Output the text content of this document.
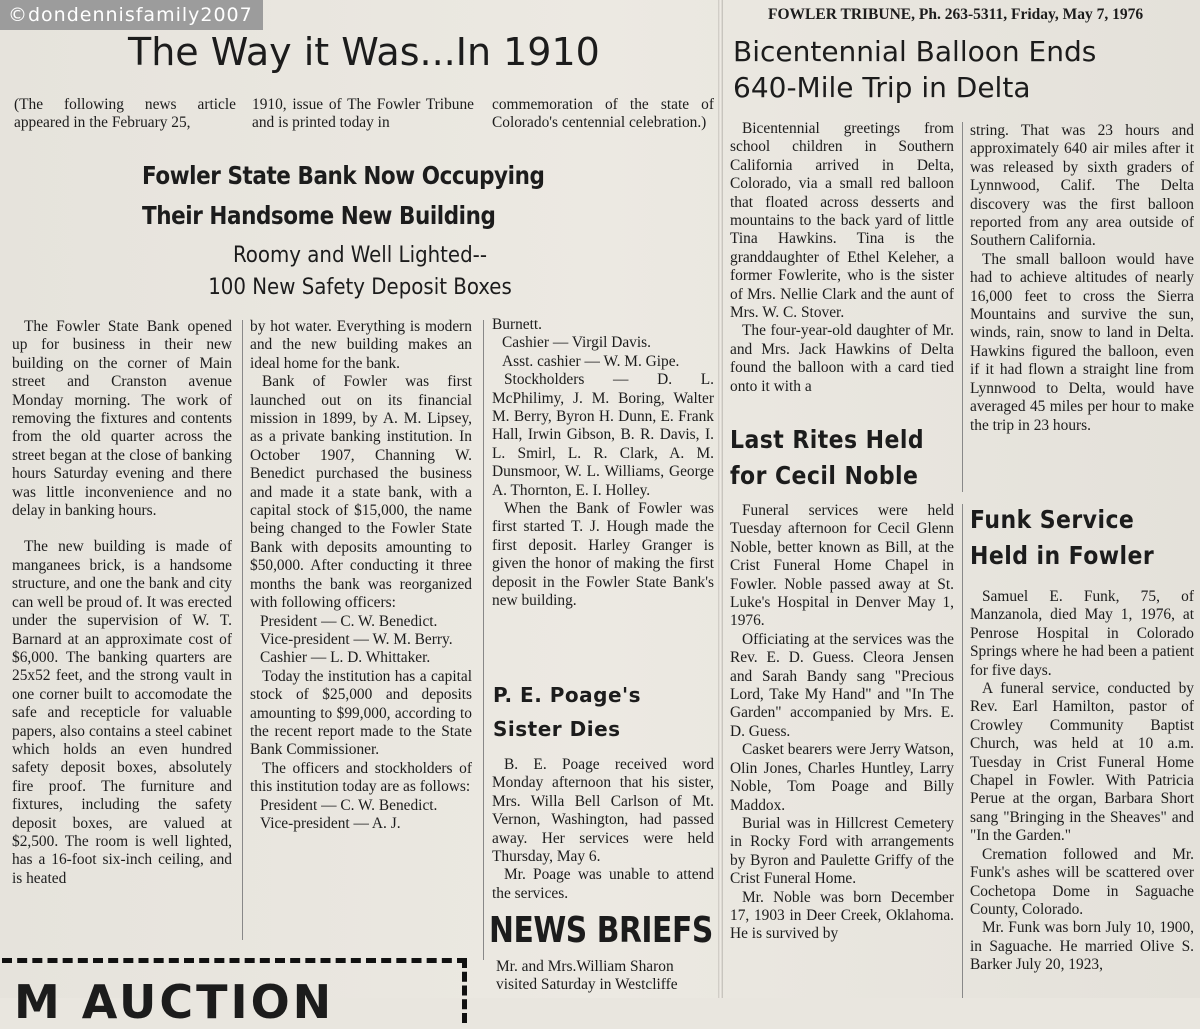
©dondennisfamily2007	FOWLER TRIBUNE, Ph. 263-5311, Friday, May 7, 1976
The Way it Was...In 1910
(The following news article appeared in the February 25,
1910, issue of The Fowler Tribune and is printed today in
commemoration of the state of Colorado's centennial celebration.)
Fowler State Bank Now Occupying
Their Handsome New Building
Roomy and Well Lighted--
100 New Safety Deposit Boxes

The Fowler State Bank opened up for business in their new building on the corner of Main street and Cranston avenue Monday morning. The work of removing the fixtures and contents from the old quarter across the street began at the close of banking hours Saturday evening and there was little inconvenience and no delay in banking hours.

The new building is made of manganees brick, is a handsome structure, and one the bank and city can well be proud of. It was erected under the supervision of W. T. Barnard at an approximate cost of $6,000. The banking quarters are 25x52 feet, and the strong vault in one corner built to accomodate the safe and recepticle for valuable papers, also contains a steel cabinet which holds an even hundred safety deposit boxes, absolutely fire proof. The furniture and fixtures, including the safety deposit boxes, are valued at $2,500. The room is well lighted, has a 16-foot six-inch ceiling, and is heated

by hot water. Everything is modern and the new building makes an ideal home for the bank.

Bank of Fowler was first launched out on its financial mission in 1899, by A. M. Lipsey, as a private banking institution. In October 1907, Channing W. Benedict purchased the business and made it a state bank, with a capital stock of $15,000, the name being changed to the Fowler State Bank with deposits amounting to $50,000. After conducting it three months the bank was reorganized with following officers:

President — C. W. Benedict.
Vice-president — W. M. Berry.
Cashier — L. D. Whittaker.

Today the institution has a capital stock of $25,000 and deposits amounting to $99,000, according to the recent report made to the State Bank Commissioner.

The officers and stockholders of this institution today are as follows:

President — C. W. Benedict.
Vice-president — A. J.
Burnett.
Cashier — Virgil Davis.
Asst. cashier — W. M. Gipe.

Stockholders — D. L. McPhilimy, J. M. Boring, Walter M. Berry, Byron H. Dunn, E. Frank Hall, Irwin Gibson, B. R. Davis, I. L. Smirl, L. R. Clark, A. M. Dunsmoor, W. L. Williams, George A. Thornton, E. I. Holley.

When the Bank of Fowler was first started T. J. Hough made the first deposit. Harley Granger is given the honor of making the first deposit in the Fowler State Bank's new building.

P. E. Poage's
Sister Dies

B. E. Poage received word Monday afternoon that his sister, Mrs. Willa Bell Carlson of Mt. Vernon, Washington, had passed away. Her services were held Thursday, May 6.

Mr. Poage was unable to attend the services.

NEWS BRIEFS
Mr. and Mrs.William Sharon visited Saturday in Westcliffe
M AUCTION
Bicentennial Balloon Ends
640-Mile Trip in Delta

Bicentennial greetings from school children in Southern California arrived in Delta, Colorado, via a small red balloon that floated across desserts and mountains to the back yard of little Tina Hawkins. Tina is the granddaughter of Ethel Keleher, a former Fowlerite, who is the sister of Mrs. Nellie Clark and the aunt of Mrs. W. C. Stover.

The four-year-old daughter of Mr. and Mrs. Jack Hawkins of Delta found the balloon with a card tied onto it with a

string. That was 23 hours and approximately 640 air miles after it was released by sixth graders of Lynnwood, Calif. The Delta discovery was the first balloon reported from any area outside of Southern California.

The small balloon would have had to achieve altitudes of nearly 16,000 feet to cross the Sierra Mountains and survive the sun, winds, rain, snow to land in Delta. Hawkins figured the balloon, even if it had flown a straight line from Lynnwood to Delta, would have averaged 45 miles per hour to make the trip in 23 hours.

Last Rites Held
for Cecil Noble

Funeral services were held Tuesday afternoon for Cecil Glenn Noble, better known as Bill, at the Crist Funeral Home Chapel in Fowler. Noble passed away at St. Luke's Hospital in Denver May 1, 1976.

Officiating at the services was the Rev. E. D. Guess. Cleora Jensen and Sarah Bandy sang "Precious Lord, Take My Hand" and "In The Garden" accompanied by Mrs. E. D. Guess.

Casket bearers were Jerry Watson, Olin Jones, Charles Huntley, Larry Noble, Tom Poage and Billy Maddox.

Burial was in Hillcrest Cemetery in Rocky Ford with arrangements by Byron and Paulette Griffy of the Crist Funeral Home.

Mr. Noble was born December 17, 1903 in Deer Creek, Oklahoma. He is survived by

Funk Service
Held in Fowler

Samuel E. Funk, 75, of Manzanola, died May 1, 1976, at Penrose Hospital in Colorado Springs where he had been a patient for five days.

A funeral service, conducted by Rev. Earl Hamilton, pastor of Crowley Community Baptist Church, was held at 10 a.m. Tuesday in Crist Funeral Home Chapel in Fowler. With Patricia Perue at the organ, Barbara Short sang "Bringing in the Sheaves" and "In the Garden."

Cremation followed and Mr. Funk's ashes will be scattered over Cochetopa Dome in Saguache County, Colorado.

Mr. Funk was born July 10, 1900, in Saguache. He married Olive S. Barker July 20, 1923,
